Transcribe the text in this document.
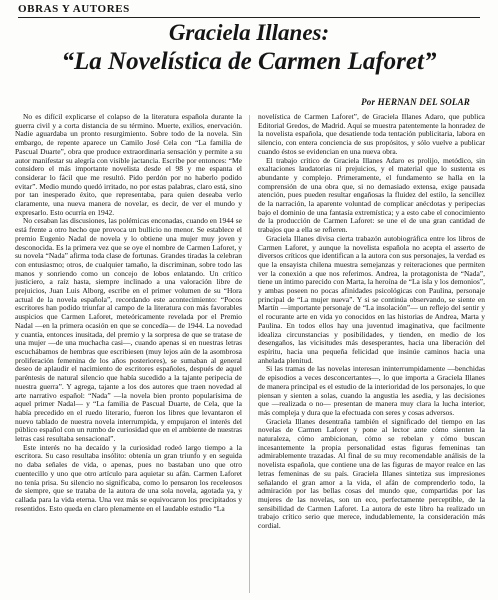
OBRAS Y AUTORES
Graciela Illanes:
“La Novelística de Carmen Laforet”
Por HERNAN DEL SOLAR

No es difícil explicarse el colapso de la literatura española durante la guerra civil y a corta distancia de su término. Muerte, exilios, enervación. Nadie aguardaba un pronto resurgimiento. Sobre todo de la novela. Sin embargo, de repente aparece un Camilo José Cela con “La familia de Pascual Duarte”, obra que produce extraordinaria sensación y permite a su autor manifestar su alegría con visible jactancia. Escribe por entonces: “Me considero el más importante novelista desde el 98 y me espanta el considerar lo fácil que me resultó. Pido perdón por no haberlo podido evitar”. Medio mundo quedó irritado, no por estas palabras, claro está, sino por tan inesperado éxito, que representaba, para quien deseaba verlo claramente, una nueva manera de novelar, es decir, de ver el mundo y expresarlo. Esto ocurría en 1942.

No cesaban las discusiones, las polémicas enconadas, cuando en 1944 se está frente a otro hecho que provoca un bullicio no menor. Se establece el premio Eugenio Nadal de novela y lo obtiene una mujer muy joven y desconocida. Es la primera vez que se oye el nombre de Carmen Laforet, y su novela “Nada” afirma toda clase de fortunas. Grandes tiradas la celebran con entusiasmo; otros, de cualquier tamaño, la discriminan, sobre todo las manos y sonriendo como un concejo de lobos enlatando. Un crítico justiciero, a raíz hasta, siempre inclinado a una valoración libre de prejuicios, Juan Luis Alborg, escribe en el primer volumen de su “Hora actual de la novela española”, recordando este acontecimiento: “Pocos escritores han podido triunfar al campo de la literatura con más favorables auspicios que Carmen Laforet, meteóricamente revelada por el Premio Nadal —en la primera ocasión en que se concedía— de 1944. La novedad y cuantía, entonces inusitada, del premio y la sorpresa de que se tratase de una mujer —de una muchacha casi—, cuando apenas si en nuestras letras escuchábamos de hembras que escribiesen (muy lejos aún de la asombrosa proliferación femenina de los años posteriores), se sumaban al general deseo de aplaudir el nacimiento de escritores españoles, después de aquel paréntesis de natural silencio que había sucedido a la tajante peripecia de nuestra guerra”. Y agrega, tajante a los dos autores que traen novedad al arte narrativo español: “Nada” —la novela bien pronto popularísima de aquel primer Nadal— y “La familia de Pascual Duarte, de Cela, que la había precedido en el ruedo literario, fueron los libres que levantaron el nuevo tablado de nuestra novela interrumpida, y empujaron el interés del público español con un rumbo de curiosidad que en el ambiente de nuestras letras casi resultaba sensacional”.

Este interés no ha decaído y la curiosidad rodeó largo tiempo a la escritora. Su caso resultaba insólito: obtenía un gran triunfo y en seguida no daba señales de vida, o apenas, pues no bastaban uno que otro cuentecillo y uno que otro artículo para aquietar su afán. Carmen Laforet no tenía prisa. Su silencio no significaba, como lo pensaron los receleosos de siempre, que se trataba de la autora de una sola novela, agotada ya, y callada para la vida eterna. Una vez más se equivocaron los precipitados y resentidos. Esto queda en claro plenamente en el laudable estudio “La

novelística de Carmen Laforet”, de Graciela Illanes Adaro, que publica Editorial Gredos, de Madrid. Aquí se muestra patentemente la honradez de la novelista española, que desatiende toda tentación publicitaria, labora en silencio, con entera conciencia de sus propósitos, y sólo vuelve a publicar cuando éstos se evidencian en una nueva obra.

El trabajo crítico de Graciela Illanes Adaro es prolijo, metódico, sin exaltaciones laudatorias ni prejuicios, y el material que lo sustenta es abundante y complejo. Primeramente, el fundamento se halla en la comprensión de una obra que, si no demasiado extensa, exige pausada atención, pues pueden resultar engañosas la fluidez del estilo, la sencillez de la narración, la aparente voluntad de complicar anécdotas y peripecias bajo el dominio de una fantasía extremística; y a esto cabe el conocimiento de la producción de Carmen Laforet: se une el de una gran cantidad de trabajos que a ella se refieren.

Graciela Illanes divisa cierta trabazón autobiográfica entre los libros de Carmen Laforet, y aunque la novelista española no acepta el asserto de diversos críticos que identifican a la autora con sus personajes, la verdad es que la ensayista chilena muestra semejanzas y reiteraciones que permiten ver la conexión a que nos referimos. Andrea, la protagonista de “Nada”, tiene un íntimo parecido con Marta, la heroína de “La isla y los demonios”, y ambas poseen no pocas afinidades psicológicas con Paulina, personaje principal de “La mujer nueva”. Y si se continúa observando, se siente en Martín —importante personaje de “La insolación”— un reflejo del sentir y el rocurante arte en vida yo conocidos en las historias de Andrea, Marta y Paulina. En todos ellos hay una juventud imaginativa, que facilmente idealiza circunstancias y posibilidades, y tienden, en medio de los desengaños, las vicisitudes más desesperantes, hacia una liberación del espíritu, hacia una pequeña felicidad que insinúe caminos hacia una anhelada plenitud.

Si las tramas de las novelas interesan ininterrumpidamente —benchidas de episodios a veces desconcertantes—, lo que importa a Graciela Illanes de manera principal es el estudio de la interioridad de los personajes, lo que piensan y sienten a solas, cuando la angustia les asedia, y las decisiones que —realizada o no— presentan de manera muy clara la lucha interior, más compleja y dura que la efectuada con seres y cosas adversos.

Graciela Illanes desentraña también el significado del tiempo en las novelas de Carmen Laforet y pone al lector ante cómo sienten la naturaleza, cómo ambicionan, cómo se rebelan y cómo buscan incesantemente la propia personalidad estas figuras femeninas tan admirablemente trazadas. Al final de su muy recomendable análisis de la novelista española, que contiene una de las figuras de mayor realce en las letras femeninas de su país. Graciela Illanes sintetiza sus impresiones señalando el gran amor a la vida, el afán de comprenderlo todo, la admiración por las bellas cosas del mundo que, compartidas por las mujeres de las novelas, son un eco, perfectamente perceptible, de la sensibilidad de Carmen Laforet. La autora de este libro ha realizado un trabajo crítico serio que merece, indudablemente, la consideración más cordial.
